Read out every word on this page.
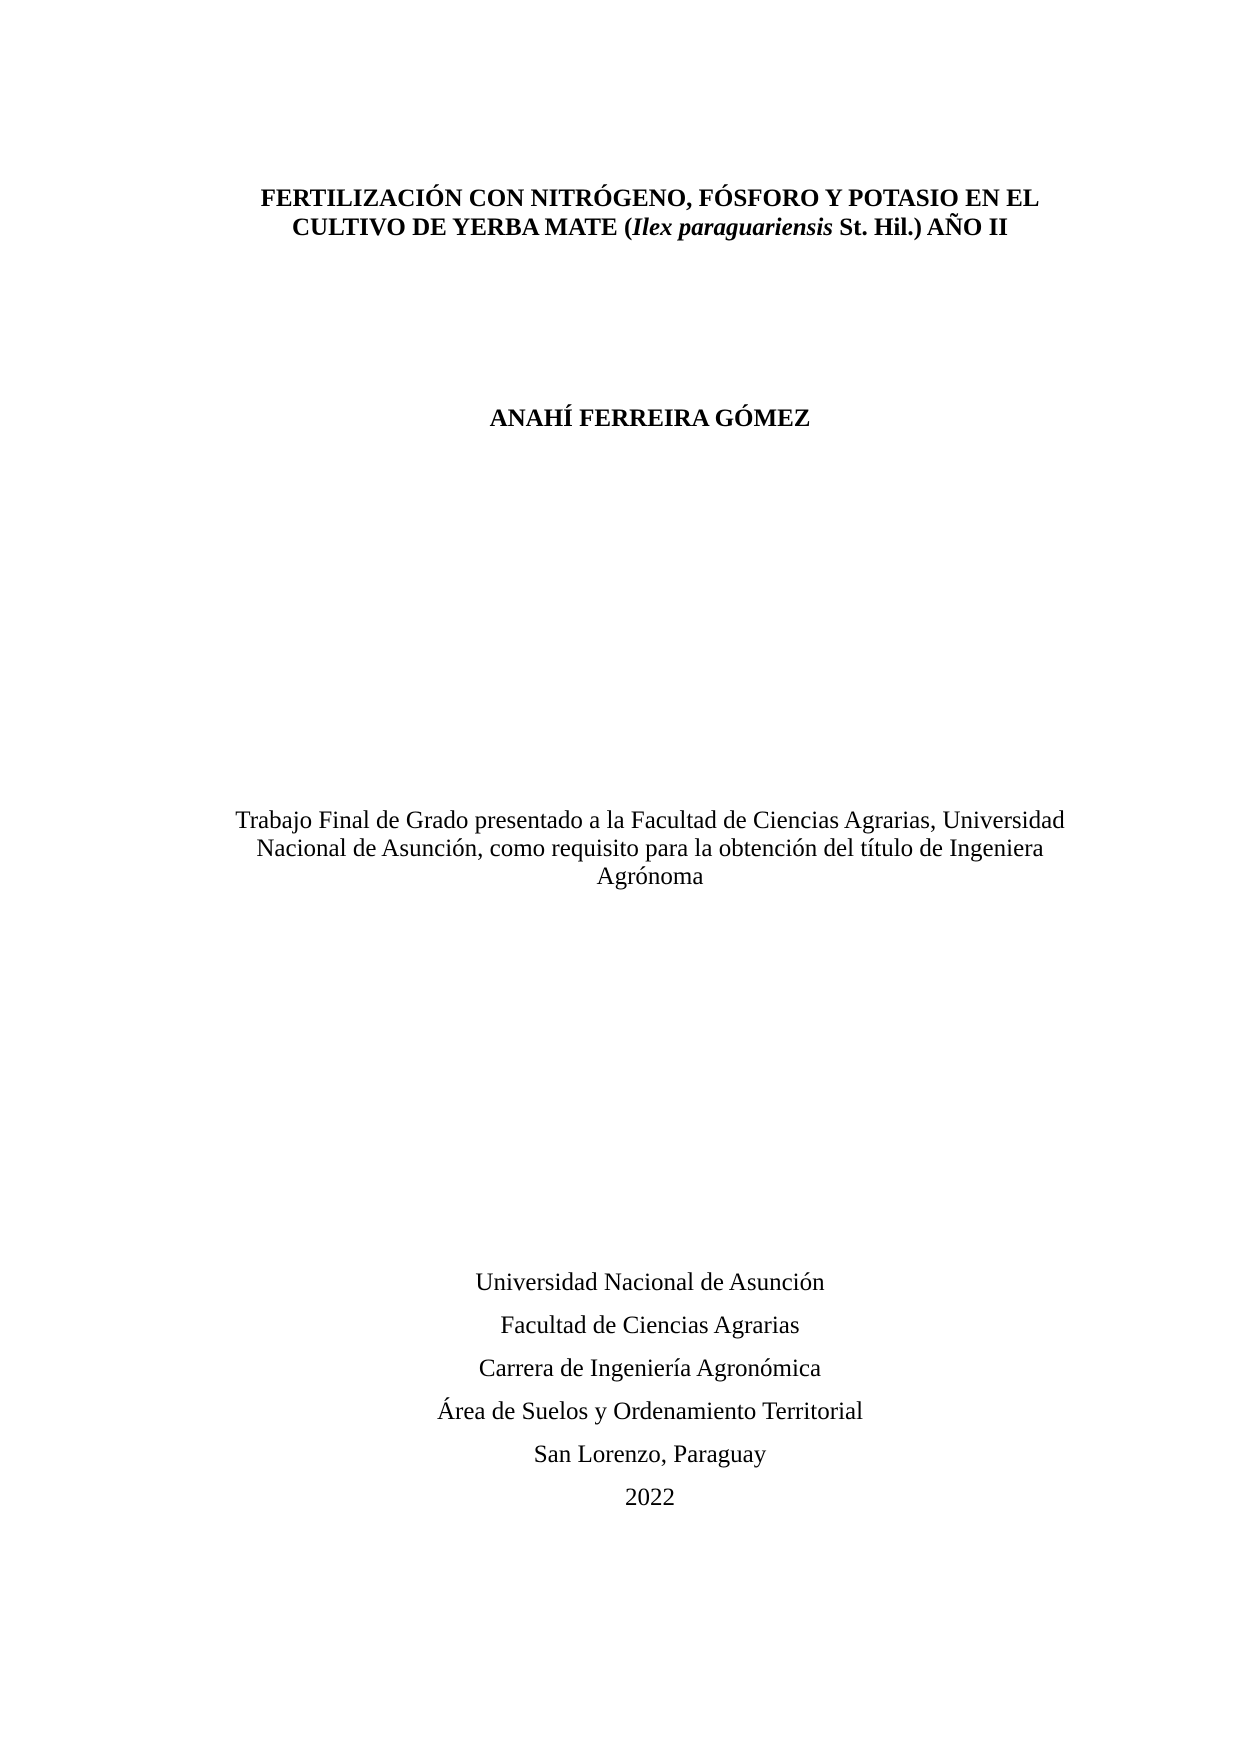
FERTILIZACIÓN CON NITRÓGENO, FÓSFORO Y POTASIO EN EL
CULTIVO DE YERBA MATE (Ilex paraguariensis St. Hil.) AÑO II

ANAHÍ FERREIRA GÓMEZ

Trabajo Final de Grado presentado a la Facultad de Ciencias Agrarias, Universidad
Nacional de Asunción, como requisito para la obtención del título de Ingeniera
Agrónoma

Universidad Nacional de Asunción
Facultad de Ciencias Agrarias
Carrera de Ingeniería Agronómica
Área de Suelos y Ordenamiento Territorial
San Lorenzo, Paraguay
2022
